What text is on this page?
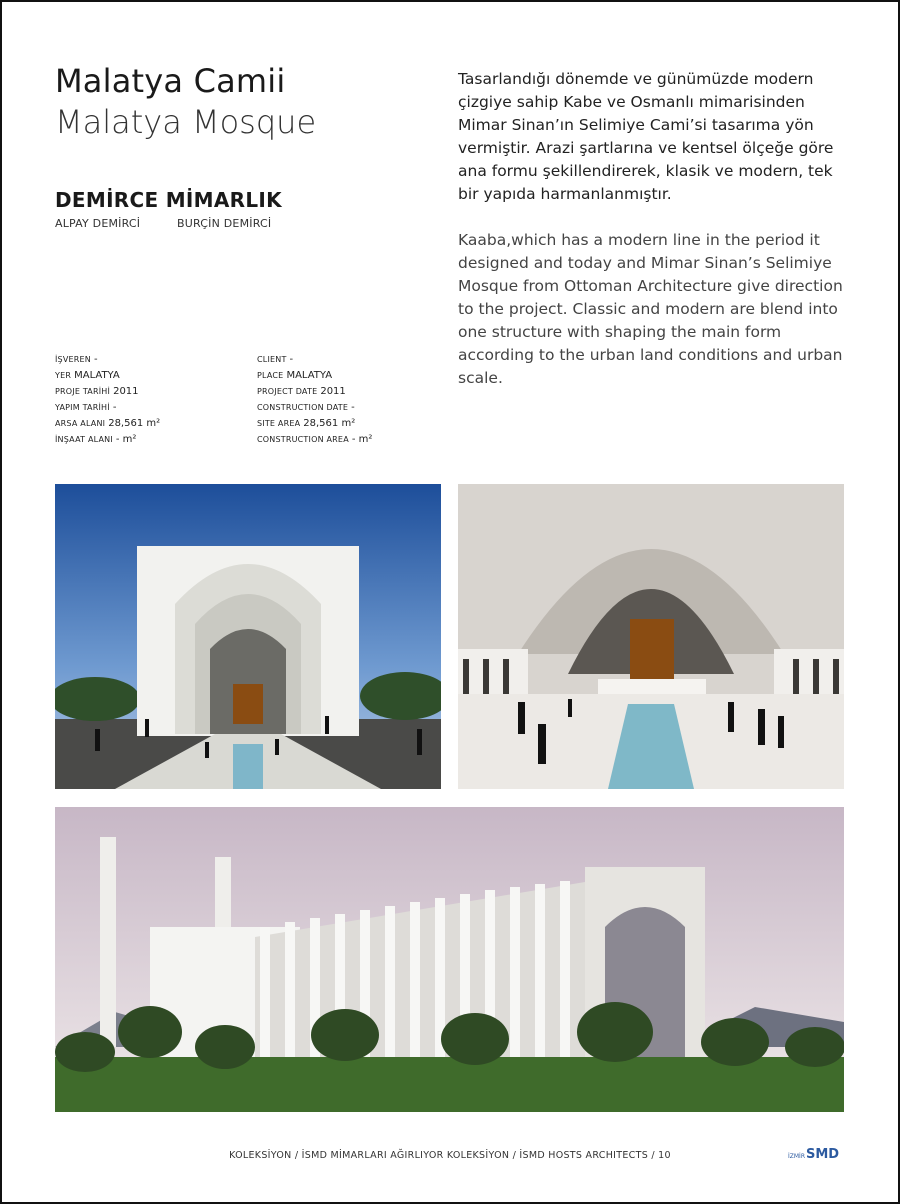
Malatya Camii
Malatya Mosque
DEMİRCE MİMARLIK
ALPAY DEMİRCİ	BURÇİN DEMİRCİ
İŞVEREN -
YER MALATYA
PROJE TARİHİ 2011
YAPIM TARİHİ -
ARSA ALANI 28,561 m²
İNŞAAT ALANI - m²
CLIENT -
PLACE MALATYA
PROJECT DATE 2011
CONSTRUCTION DATE -
SITE AREA 28,561 m²
CONSTRUCTION AREA - m²
Tasarlandığı dönemde ve günümüzde modern çizgiye sahip Kabe ve Osmanlı mimarisinden Mimar Sinan’ın Selimiye Cami’si tasarıma yön vermiştir. Arazi şartlarına ve kentsel ölçeğe göre ana formu şekillendirerek, klasik ve modern, tek bir yapıda harmanlanmıştır.
Kaaba,which has a modern line in the period it designed and today and Mimar Sinan’s Selimiye Mosque from Ottoman Architecture give direction to the project. Classic and modern are blend into one structure with shaping the main form according to the urban land conditions and urban scale.
KOLEKSİYON / İSMD MİMARLARI AĞIRLIYOR KOLEKSİYON / İSMD HOSTS ARCHITECTS / 10	İZMİRSMD
